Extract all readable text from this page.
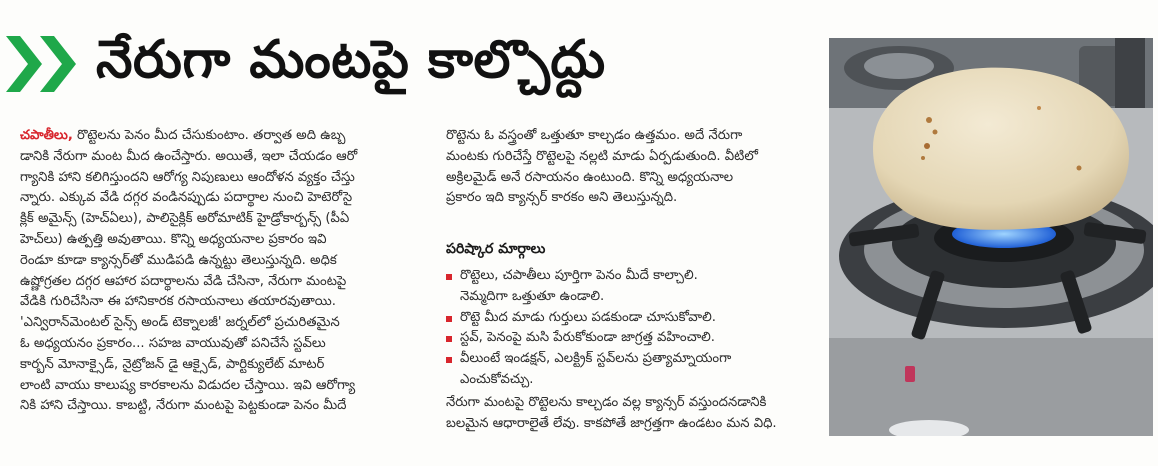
నేరుగా మంటపై కాల్చొద్దు
చపాతీలు, రొట్టెలను పెనం మీద చేసుకుంటాం. తర్వాత అది ఉబ్బ
డానికి నేరుగా మంట మీద ఉంచేస్తారు. అయితే, ఇలా చేయడం ఆరో
గ్యానికి హాని కలిగిస్తుందని ఆరోగ్య నిపుణులు ఆందోళన వ్యక్తం చేస్తు
న్నారు. ఎక్కువ వేడి దగ్గర వండినప్పుడు పదార్థాల నుంచి హెటెరోసై
క్లిక్ అమైన్స్ (హెచ్ఏలు), పాలిసైక్లిక్ అరోమాటిక్ హైడ్రోకార్బన్స్ (పీఏ
హెచ్‌లు) ఉత్పత్తి అవుతాయి. కొన్ని అధ్యయనాల ప్రకారం ఇవి
రెండూ కూడా క్యాన్సర్‌తో ముడిపడి ఉన్నట్టు తెలుస్తున్నది. అధిక
ఉష్ణోగ్రతల దగ్గర ఆహార పదార్థాలను వేడి చేసినా, నేరుగా మంటపై
వేడికి గురిచేసినా ఈ హానికారక రసాయనాలు తయారవుతాయి.
'ఎన్విరాన్‌మెంటల్ సైన్స్ అండ్ టెక్నాలజీ' జర్నల్‌లో ప్రచురితమైన
ఓ అధ్యయనం ప్రకారం... సహజ వాయువుతో పనిచేసే స్టవ్‌లు
కార్బన్ మోనాక్సైడ్, నైట్రోజన్ డై ఆక్సైడ్, పార్టిక్యులేట్ మాటర్
లాంటి వాయు కాలుష్య కారకాలను విడుదల చేస్తాయి. ఇవి ఆరోగ్యా
నికి హాని చేస్తాయి. కాబట్టి, నేరుగా మంటపై పెట్టకుండా పెనం మీదే
రొట్టెను ఓ వస్త్రంతో ఒత్తుతూ కాల్చడం ఉత్తమం. అదే నేరుగా
మంటకు గురిచేస్తే రొట్టెలపై నల్లటి మాడు ఏర్పడుతుంది. వీటిలో
అక్రిలమైడ్ అనే రసాయనం ఉంటుంది. కొన్ని అధ్యయనాల
ప్రకారం ఇది క్యాన్సర్ కారకం అని తెలుస్తున్నది.
పరిష్కార మార్గాలు
రొట్టెలు, చపాతీలు పూర్తిగా పెనం మీదే కాల్చాలి.
నెమ్మదిగా ఒత్తుతూ ఉండాలి.
రొట్టె మీద మాడు గుర్తులు పడకుండా చూసుకోవాలి.
స్టవ్, పెనంపై మసి పేరుకోకుండా జాగ్రత్త వహించాలి.
వీలుంటే ఇండక్షన్, ఎలక్ట్రిక్ స్టవ్‌లను ప్రత్యామ్నాయంగా
ఎంచుకోవచ్చు.
నేరుగా మంటపై రొట్టెలను కాల్చడం వల్ల క్యాన్సర్ వస్తుందనడానికి
బలమైన ఆధారాలైతే లేవు. కాకపోతే జాగ్రత్తగా ఉండటం మన విధి.
